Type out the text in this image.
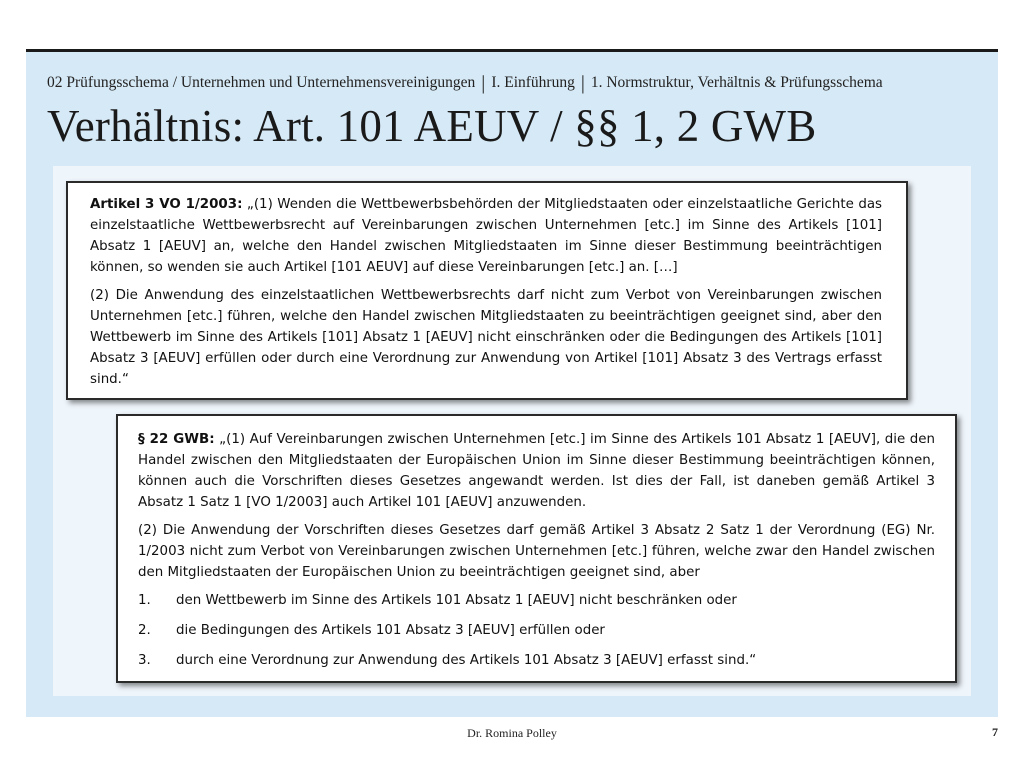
02 Prüfungsschema / Unternehmen und Unternehmensvereinigungen | I. Einführung | 1. Normstruktur, Verhältnis & Prüfungsschema
Verhältnis: Art. 101 AEUV / §§ 1, 2 GWB

Artikel 3 VO 1/2003: „(1) Wenden die Wettbewerbsbehörden der Mitgliedstaaten oder einzelstaatliche Gerichte das einzelstaatliche Wettbewerbsrecht auf Vereinbarungen zwischen Unternehmen [etc.] im Sinne des Artikels [101] Absatz 1 [AEUV] an, welche den Handel zwischen Mitgliedstaaten im Sinne dieser Bestimmung beeinträchtigen können, so wenden sie auch Artikel [101 AEUV] auf diese Vereinbarungen [etc.] an. […]

(2) Die Anwendung des einzelstaatlichen Wettbewerbsrechts darf nicht zum Verbot von Vereinbarungen zwischen Unternehmen [etc.] führen, welche den Handel zwischen Mitgliedstaaten zu beeinträchtigen geeignet sind, aber den Wettbewerb im Sinne des Artikels [101] Absatz 1 [AEUV] nicht einschränken oder die Bedingungen des Artikels [101] Absatz 3 [AEUV] erfüllen oder durch eine Verordnung zur Anwendung von Artikel [101] Absatz 3 des Vertrags erfasst sind.“

§ 22 GWB: „(1) Auf Vereinbarungen zwischen Unternehmen [etc.] im Sinne des Artikels 101 Absatz 1 [AEUV], die den Handel zwischen den Mitgliedstaaten der Europäischen Union im Sinne dieser Bestimmung beeinträchtigen können, können auch die Vorschriften dieses Gesetzes angewandt werden. Ist dies der Fall, ist daneben gemäß Artikel 3 Absatz 1 Satz 1 [VO 1/2003] auch Artikel 101 [AEUV] anzuwenden.

(2) Die Anwendung der Vorschriften dieses Gesetzes darf gemäß Artikel 3 Absatz 2 Satz 1 der Verordnung (EG) Nr. 1/2003 nicht zum Verbot von Vereinbarungen zwischen Unternehmen [etc.] führen, welche zwar den Handel zwischen den Mitgliedstaaten der Europäischen Union zu beeinträchtigen geeignet sind, aber

1.	den Wettbewerb im Sinne des Artikels 101 Absatz 1 [AEUV] nicht beschränken oder
2.	die Bedingungen des Artikels 101 Absatz 3 [AEUV] erfüllen oder
3.	durch eine Verordnung zur Anwendung des Artikels 101 Absatz 3 [AEUV] erfasst sind.“
Dr. Romina Polley	7
